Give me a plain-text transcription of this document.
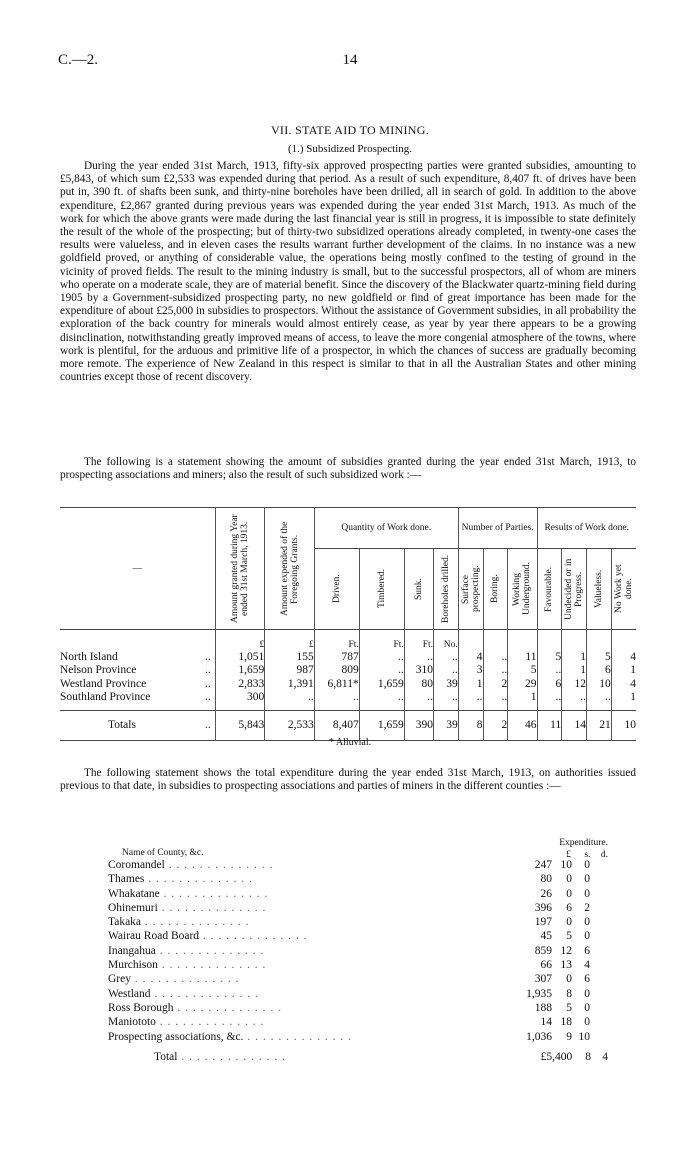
C.—2.	14
VII. STATE AID TO MINING.
(1.) Subsidized Prospecting.

During the year ended 31st March, 1913, fifty-six approved prospecting parties were granted subsidies, amounting to £5,843, of which sum £2,533 was expended during that period. As a result of such expenditure, 8,407 ft. of drives have been put in, 390 ft. of shafts been sunk, and thirty-nine boreholes have been drilled, all in search of gold. In addition to the above expenditure, £2,867 granted during previous years was expended during the year ended 31st March, 1913. As much of the work for which the above grants were made during the last financial year is still in progress, it is impossible to state definitely the result of the whole of the prospecting; but of thirty-two subsidized operations already completed, in twenty-one cases the results were valueless, and in eleven cases the results warrant further development of the claims. In no instance was a new goldfield proved, or anything of considerable value, the operations being mostly confined to the testing of ground in the vicinity of proved fields. The result to the mining industry is small, but to the successful prospectors, all of whom are miners who operate on a moderate scale, they are of material benefit. Since the discovery of the Blackwater quartz-mining field during 1905 by a Government-subsidized prospecting party, no new goldfield or find of great importance has been made for the expenditure of about £25,000 in subsidies to prospectors. Without the assistance of Government subsidies, in all probability the exploration of the back country for minerals would almost entirely cease, as year by year there appears to be a growing disinclination, notwithstanding greatly improved means of access, to leave the more congenial atmosphere of the towns, where work is plentiful, for the arduous and primitive life of a prospector, in which the chances of success are gradually becoming more remote. The experience of New Zealand in this respect is similar to that in all the Australian States and other mining countries except those of recent discovery.

The following is a statement showing the amount of subsidies granted during the year ended 31st March, 1913, to prospecting associations and miners; also the result of such subsidized work :—

—	Amount granted during Year ended 31st March, 1913.	Amount expended of the Foregoing Grants.	Quantity of Work done.				Number of Parties.			Results of Work done.			

			Driven.	Timbered.	Sunk.	Boreholes drilled.	Surface prospecting.	Boring.	Working Underground.	Favourable.	Undecided or in Progress.	Valueless.	No Work yet done.

	£	£	Ft.	Ft.	Ft.	No.							
North Island ..	1,051	155	787	..	..	..	4	..	11	5	1	5	4
Nelson Province ..	1,659	987	809	..	310	..	3	..	5	..	1	6	1
Westland Province ..	2,833	1,391	6,811*	1,659	80	39	1	2	29	6	12	10	4
Southland Province ..	300	..	..	..	..	..	..	..	1	..	..	..	1

Totals ..	5,843	2,533	8,407	1,659	390	39	8	2	46	11	14	21	10
* Alluvial.

The following statement shows the total expenditure during the year ended 31st March, 1913, on authorities issued previous to that date, in subsidies to prospecting associations and parties of miners in the different counties :—

Name of County, &c.
Expenditure.
£	s.	d.
Coromandel . . . . . . . . . . . . . .	247 10	0
Thames . . . . . . . . . . . . . .	80	0	0
Whakatane . . . . . . . . . . . . . .	26	0	0
Ohinemuri . . . . . . . . . . . . . .	396	6	2
Takaka . . . . . . . . . . . . . .	197	0	0
Wairau Road Board . . . . . . . . . . . . . .	45	5	0
Inangahua . . . . . . . . . . . . . .	859 12	6
Murchison . . . . . . . . . . . . . .	66 13	4
Grey . . . . . . . . . . . . . .	307	0	6
Westland . . . . . . . . . . . . . .	1,935	8	0
Ross Borough . . . . . . . . . . . . . .	188	5	0
Maniototo . . . . . . . . . . . . . .	14 18	0
Prospecting associations, &c. . . . . . . . . . . . . . .	1,036	9 10
Total . . . . . . . . . . . . . .	£5,400	8 4
